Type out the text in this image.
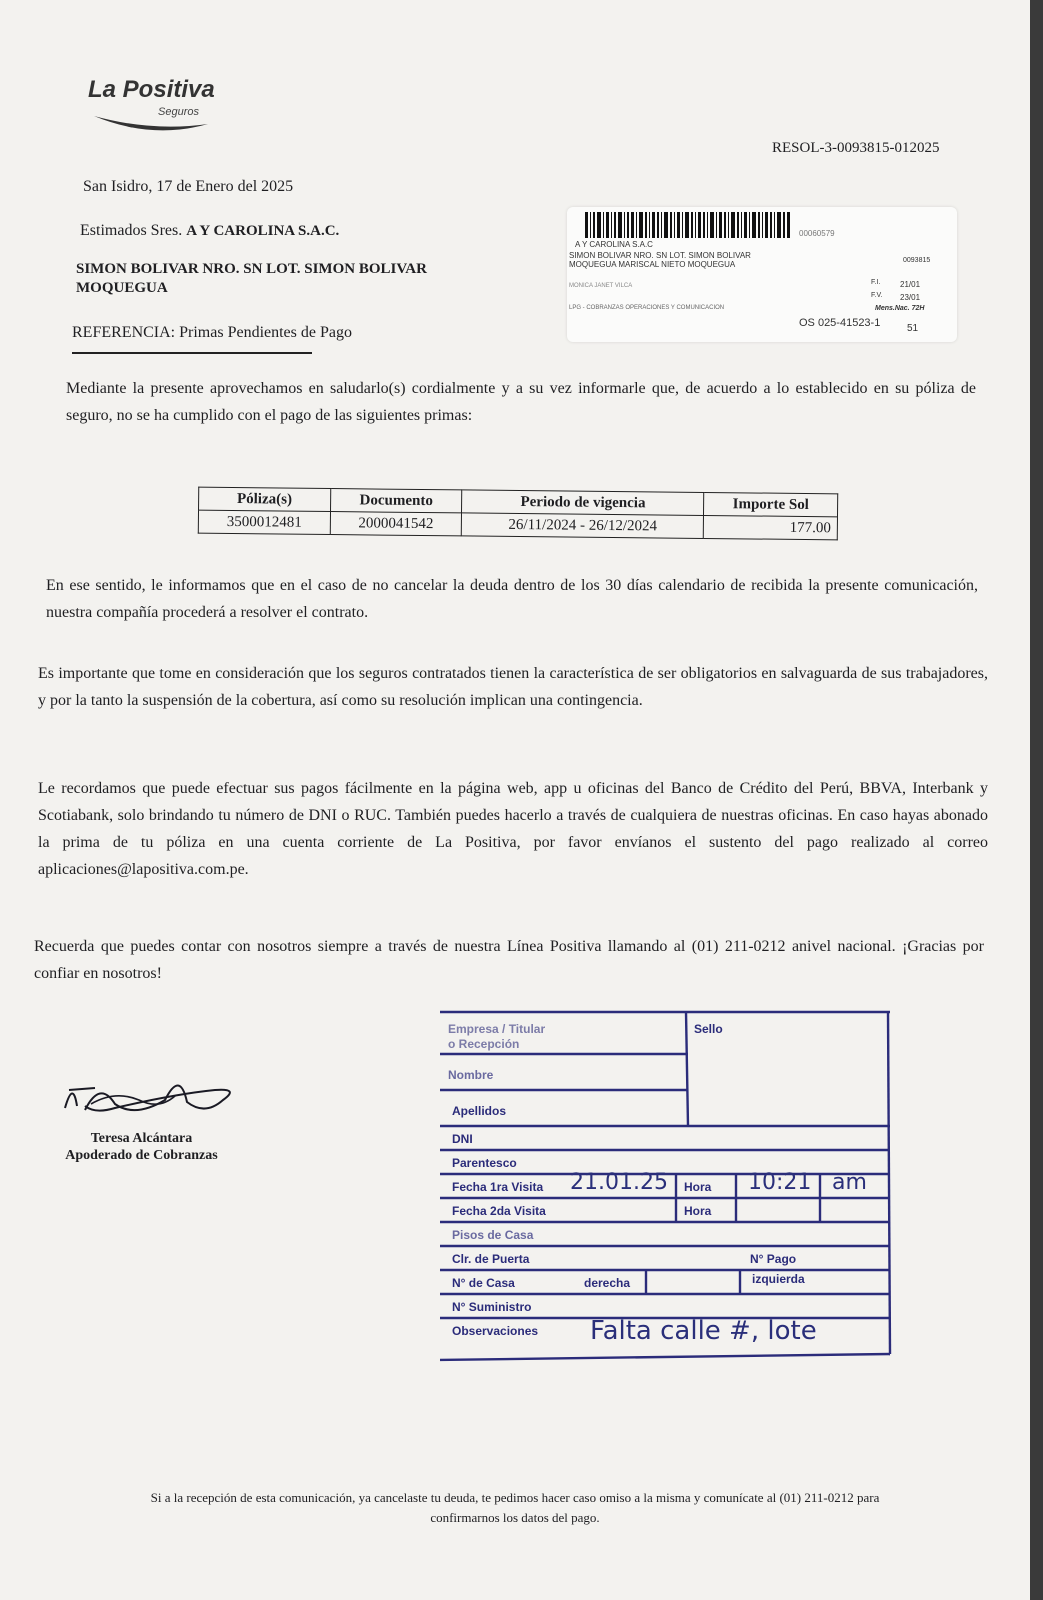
La Positiva
Seguros
RESOL-3-0093815-012025
San Isidro, 17 de Enero del 2025
Estimados Sres. A Y CAROLINA S.A.C.
SIMON BOLIVAR NRO. SN LOT. SIMON BOLIVAR MOQUEGUA
REFERENCIA: Primas Pendientes de Pago
00060579
A Y CAROLINA S.A.C
SIMON BOLIVAR NRO. SN LOT. SIMON BOLIVAR
MOQUEGUA MARISCAL NIETO MOQUEGUA
MONICA JANET VILCA
LPG - COBRANZAS OPERACIONES Y COMUNICACION
0093815
F.I. 21/01
F.V. 23/01
Mens.Nac. 72H
OS 025-41523-1	51
Mediante la presente aprovechamos en saludarlo(s) cordialmente y a su vez informarle que, de acuerdo a lo establecido en su póliza de seguro, no se ha cumplido con el pago de las siguientes primas:
Póliza(s)	Documento	Periodo de vigencia	Importe Sol
3500012481	2000041542	26/11/2024 - 26/12/2024	177.00
En ese sentido, le informamos que en el caso de no cancelar la deuda dentro de los 30 días calendario de recibida la presente comunicación, nuestra compañía procederá a resolver el contrato.
Es importante que tome en consideración que los seguros contratados tienen la característica de ser obligatorios en salvaguarda de sus trabajadores, y por la tanto la suspensión de la cobertura, así como su resolución implican una contingencia.
Le recordamos que puede efectuar sus pagos fácilmente en la página web, app u oficinas del Banco de Crédito del Perú, BBVA, Interbank y Scotiabank, solo brindando tu número de DNI o RUC. También puedes hacerlo a través de cualquiera de nuestras oficinas. En caso hayas abonado la prima de tu póliza en una cuenta corriente de La Positiva, por favor envíanos el sustento del pago realizado al correo aplicaciones@lapositiva.com.pe.
Recuerda que puedes contar con nosotros siempre a través de nuestra Línea Positiva llamando al (01) 211-0212 anivel nacional. ¡Gracias por confiar en nosotros!
Teresa Alcántara
Apoderado de Cobranzas
Empresa / Titular
o Recepción
Sello
Nombre
Apellidos
DNI
Parentesco
Fecha 1ra Visita 21.01.25 Hora 10:21 am
Fecha 2da Visita	Hora
Pisos de Casa
Clr. de Puerta	N° Pago
N° de Casa	derecha	izquierda
N° Suministro
Observaciones Falta calle #, lote
Si a la recepción de esta comunicación, ya cancelaste tu deuda, te pedimos hacer caso omiso a la misma y comunícate al (01) 211-0212 para confirmarnos los datos del pago.
